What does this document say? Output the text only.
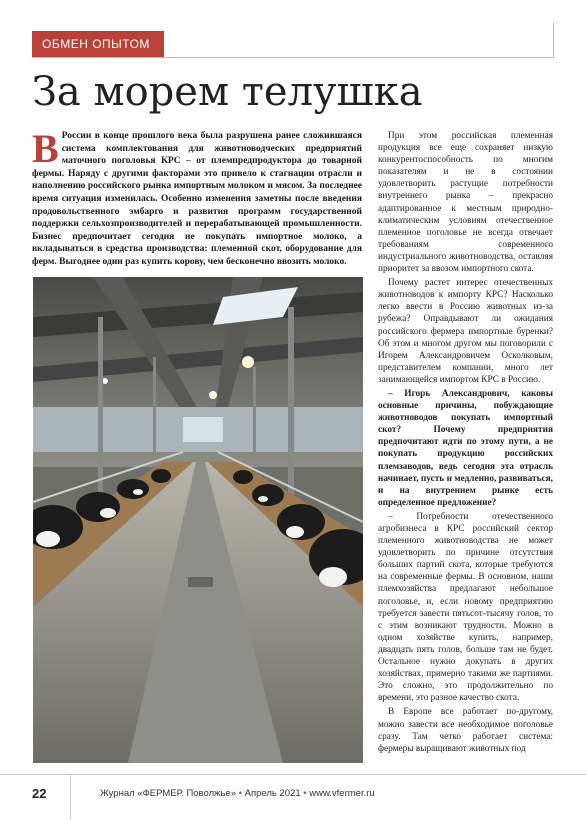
ОБМЕН ОПЫТОМ
За морем телушка
В России в конце прошлого века была разрушена ранее сложившаяся система комплектования для животноводческих предприятий маточного поголовья КРС – от племпредпродуктора до товарной фермы. Наряду с другими факторами это привело к стагнации отрасли и наполнению российского рынка импортным молоком и мясом. За последнее время ситуация изменилась. Особенно изменения заметны после введения продовольственного эмбарго и развития программ государственной поддержки сельхозпроизводителей и перерабатывающей промышленности. Бизнес предпочитает сегодня не покупать импортное молоко, а вкладываться в средства производства: племенной скот, оборудование для ферм. Выгоднее один раз купить корову, чем бесконечно ввозить молоко.

При этом российская племенная продукция все еще сохраняет низкую конкурентоспособность по многим показателям и не в состоянии удовлетворить растущие потребности внутреннего рынка – прекрасно адаптированное к местным природно-климатическим условиям отечественное племенное поголовье не всегда отвечает требованиям современного индустриального животноводства, оставляя приоритет за ввозом импортного скота.

Почему растет интерес отечественных животноводов к импорту КРС? Насколько легко ввести в Россию животных из-за рубежа? Оправдывают ли ожидания российского фермера импортные буренки? Об этом и многом другом мы поговорили с Игорем Александровичем Осколковым, представителем компании, много лет занимающейся импортом КРС в Россию.

– Игорь Александрович, каковы основные причины, побуждающие животноводов покупать импортный скот? Почему предприятия предпочитают идти по этому пути, а не покупать продукцию российских племзаводов, ведь сегодня эта отрасль начинает, пусть и медленно, развиваться, и на внутреннем рынке есть определенное предложение?

– Потребности отечественного агробизнеса в КРС российский сектор племенного животноводства не может удовлетворить по причине отсутствия больших партий скота, которые требуются на современные фермы. В основном, наши племхозяйства предлагают небольшое поголовье, и, если новому предприятию требуется завести пятьсот-тысячу голов, то с этим возникают трудности. Можно в одном хозяйстве купить, например, двадцать пять голов, больше там не будет. Остальное нужно докупать в других хозяйствах, примерно такими же партиями. Это сложно, это продолжительно по времени, это разное качество скота.

В Европе все работает по-другому, можно завести все необходимое поголовье сразу. Там четко работает система: фермеры выращивают животных под

22	Журнал «ФЕРМЕР. Поволжье» • Апрель 2021 • www.vfermer.ru
